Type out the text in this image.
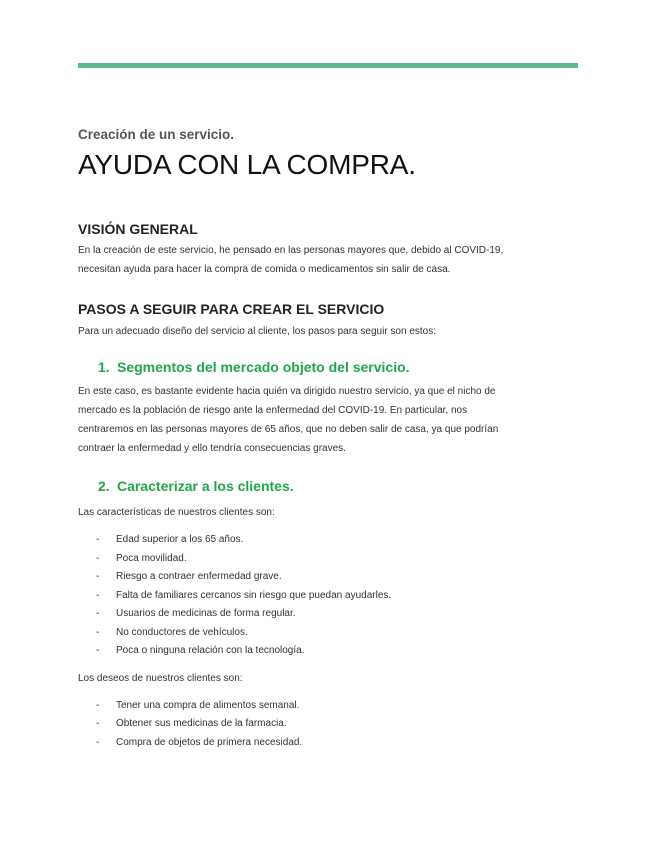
Creación de un servicio.

AYUDA CON LA COMPRA.
VISIÓN GENERAL

En la creación de este servicio, he pensado en las personas mayores que, debido al COVID-19,

necesitan ayuda para hacer la compra de comida o medicamentos sin salir de casa.

PASOS A SEGUIR PARA CREAR EL SERVICIO

Para un adecuado diseño del servicio al cliente, los pasos para seguir son estos:

1. Segmentos del mercado objeto del servicio.

En este caso, es bastante evidente hacia quién va dirigido nuestro servicio, ya que el nicho de

mercado es la población de riesgo ante la enfermedad del COVID-19. En particular, nos

centraremos en las personas mayores de 65 años, que no deben salir de casa, ya que podrían

contraer la enfermedad y ello tendría consecuencias graves.

2. Caracterizar a los clientes.

Las características de nuestros clientes son:

- Edad superior a los 65 años.
- Poca movilidad.
- Riesgo a contraer enfermedad grave.
- Falta de familiares cercanos sin riesgo que puedan ayudarles.
- Usuarios de medicinas de forma regular.
- No conductores de vehículos.
- Poca o ninguna relación con la tecnología.

Los deseos de nuestros clientes son:

- Tener una compra de alimentos semanal.
- Obtener sus medicinas de la farmacia.
- Compra de objetos de primera necesidad.
